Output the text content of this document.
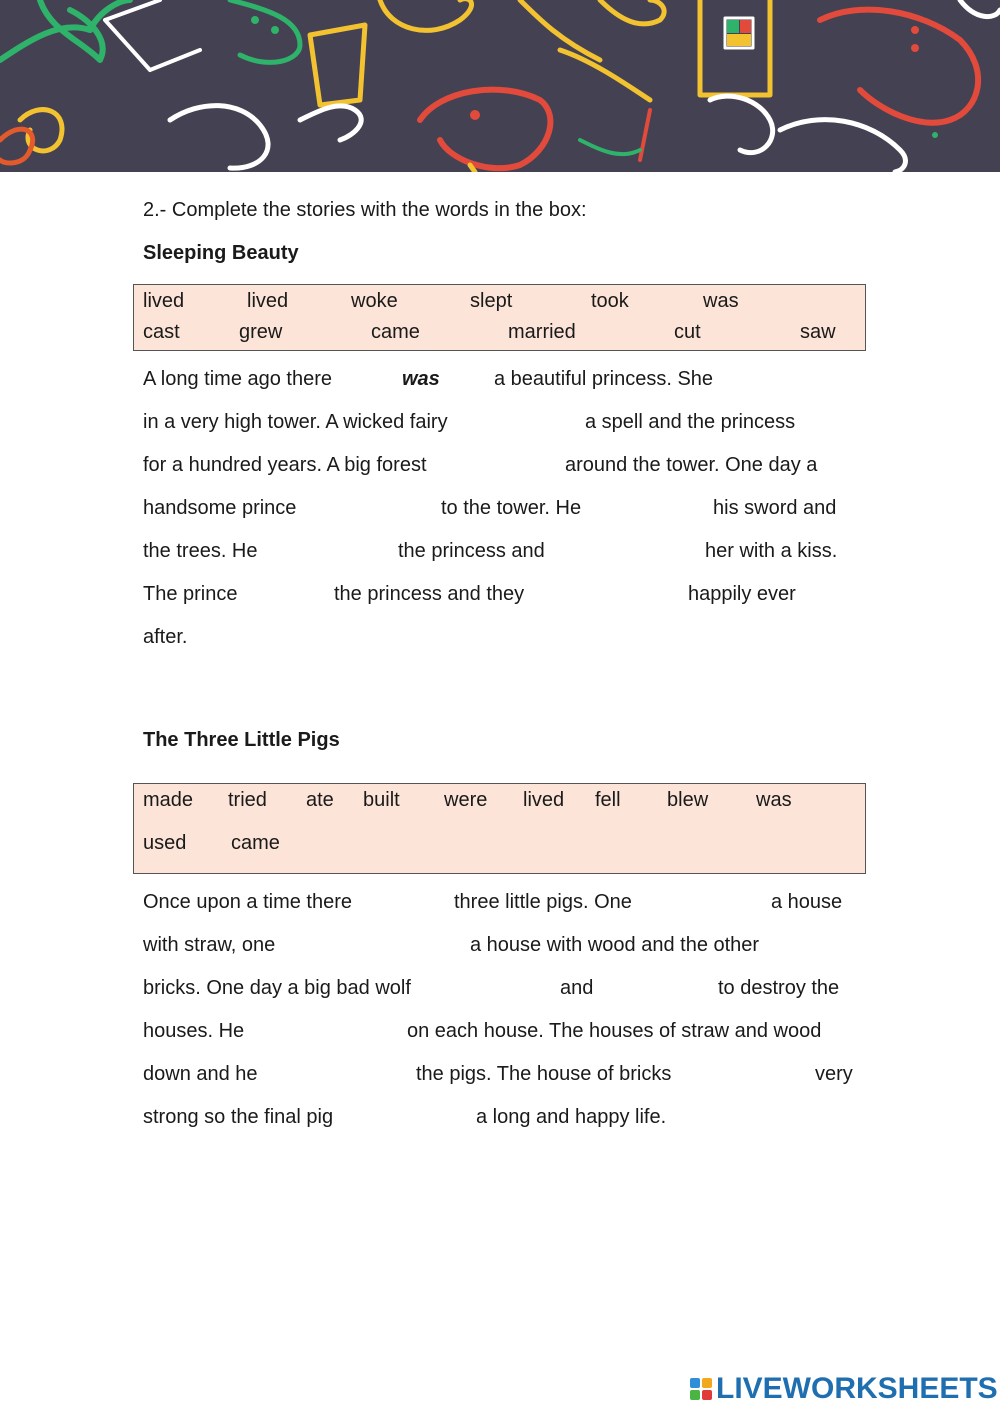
2.- Complete the stories with the words in the box:
Sleeping Beauty
lived	lived	woke	slept	took	was
cast	grew	came	married	cut	saw
A long time ago there	was	a beautiful princess. She
in a very high tower. A wicked fairy	a spell and the princess
for a hundred years. A big forest	around the tower. One day a
handsome prince	to the tower. He	his sword and
the trees. He	the princess and	her with a kiss.
The prince	the princess and they	happily ever
after.
The Three Little Pigs
made tried ate built were lived fell blew was
used came
Once upon a time there	three little pigs. One	a house
with straw, one	a house with wood and the other
bricks. One day a big bad wolf	and	to destroy the
houses. He	on each house. The houses of straw and wood
down and he	the pigs. The house of bricks	very
strong so the final pig	a long and happy life.
LIVEWORKSHEETS
